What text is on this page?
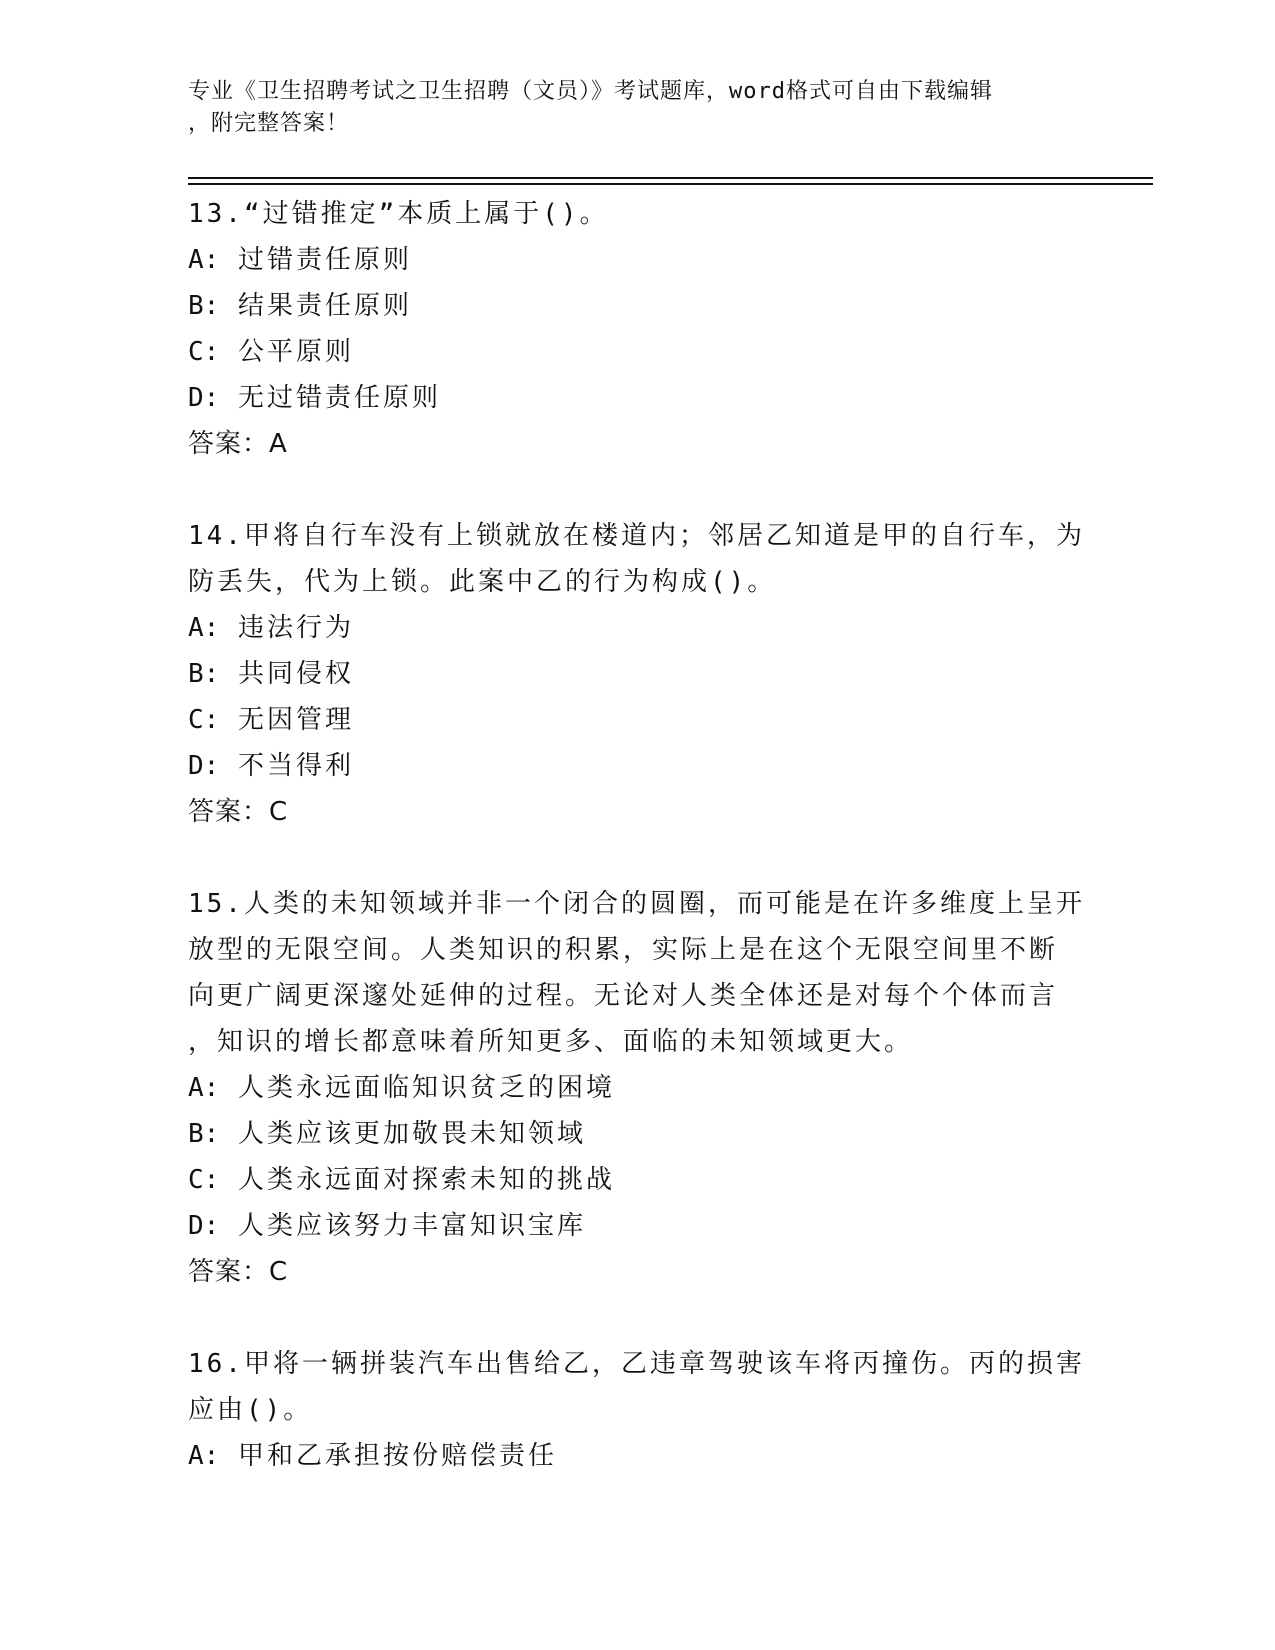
专业《卫生招聘考试之卫生招聘（文员）》考试题库，word格式可自由下载编辑
，附完整答案！
13.“过错推定”本质上属于()。
A: 过错责任原则
B: 结果责任原则
C: 公平原则
D: 无过错责任原则
答案：A
14.甲将自行车没有上锁就放在楼道内；邻居乙知道是甲的自行车，为
防丢失，代为上锁。此案中乙的行为构成()。
A: 违法行为
B: 共同侵权
C: 无因管理
D: 不当得利
答案：C
15.人类的未知领域并非一个闭合的圆圈，而可能是在许多维度上呈开
放型的无限空间。人类知识的积累，实际上是在这个无限空间里不断
向更广阔更深邃处延伸的过程。无论对人类全体还是对每个个体而言
，知识的增长都意味着所知更多、面临的未知领域更大。
A: 人类永远面临知识贫乏的困境
B: 人类应该更加敬畏未知领域
C: 人类永远面对探索未知的挑战
D: 人类应该努力丰富知识宝库
答案：C
16.甲将一辆拼装汽车出售给乙，乙违章驾驶该车将丙撞伤。丙的损害
应由()。
A: 甲和乙承担按份赔偿责任
